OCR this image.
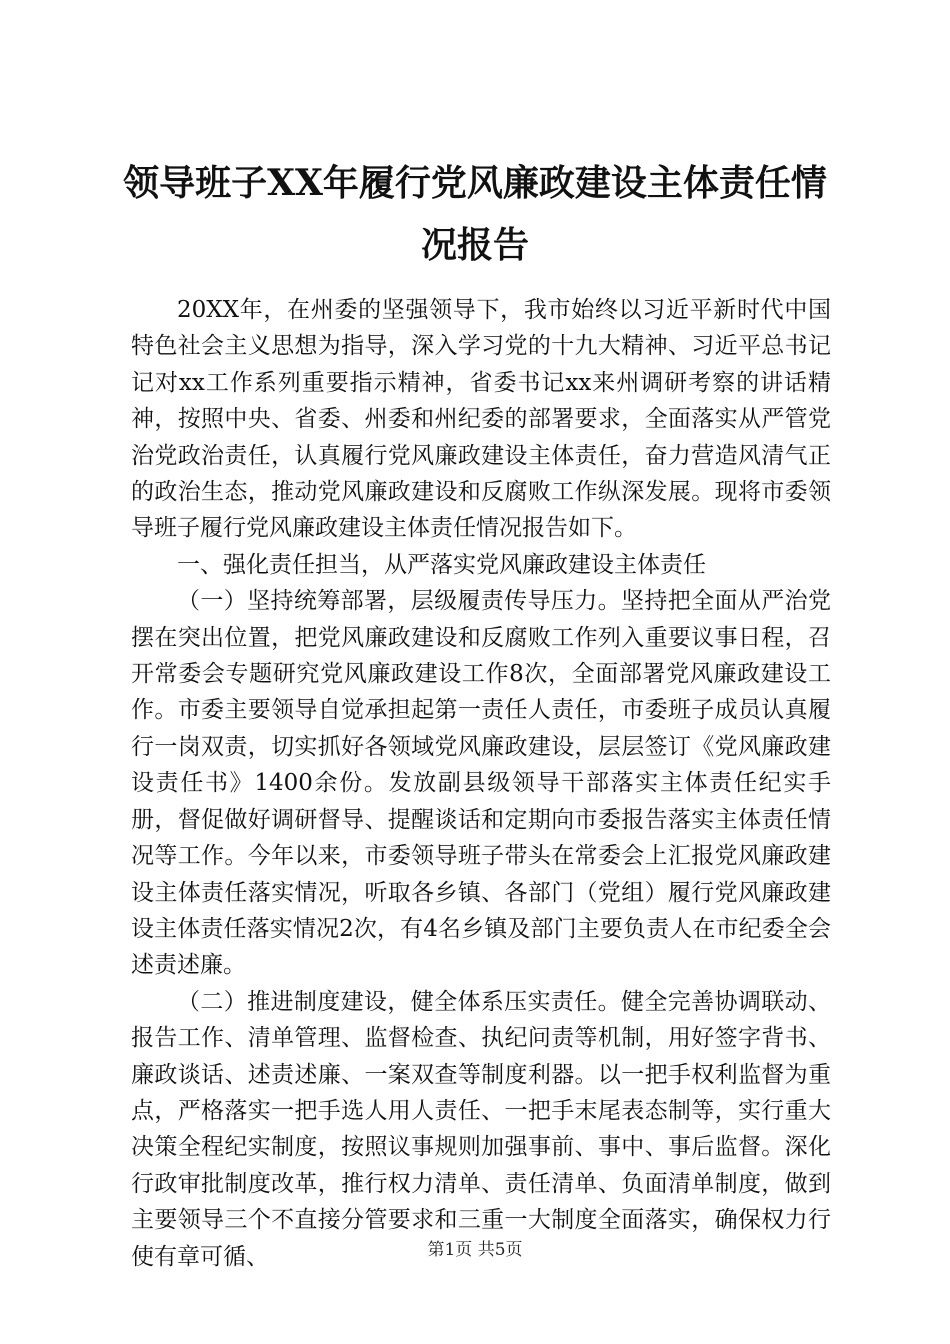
领导班子XX年履行党风廉政建设主体责任情况报告

20XX年，在州委的坚强领导下，我市始终以习近平新时代中国特色社会主义思想为指导，深入学习党的十九大精神、习近平总书记记对xx工作系列重要指示精神，省委书记xx来州调研考察的讲话精神，按照中央、省委、州委和州纪委的部署要求，全面落实从严管党治党政治责任，认真履行党风廉政建设主体责任，奋力营造风清气正的政治生态，推动党风廉政建设和反腐败工作纵深发展。现将市委领导班子履行党风廉政建设主体责任情况报告如下。

一、强化责任担当，从严落实党风廉政建设主体责任

（一）坚持统筹部署，层级履责传导压力。坚持把全面从严治党摆在突出位置，把党风廉政建设和反腐败工作列入重要议事日程，召开常委会专题研究党风廉政建设工作8次，全面部署党风廉政建设工作。市委主要领导自觉承担起第一责任人责任，市委班子成员认真履行一岗双责，切实抓好各领域党风廉政建设，层层签订《党风廉政建设责任书》1400余份。发放副县级领导干部落实主体责任纪实手册，督促做好调研督导、提醒谈话和定期向市委报告落实主体责任情况等工作。今年以来，市委领导班子带头在常委会上汇报党风廉政建设主体责任落实情况，听取各乡镇、各部门（党组）履行党风廉政建设主体责任落实情况2次，有4名乡镇及部门主要负责人在市纪委全会述责述廉。

（二）推进制度建设，健全体系压实责任。健全完善协调联动、报告工作、清单管理、监督检查、执纪问责等机制，用好签字背书、廉政谈话、述责述廉、一案双查等制度利器。以一把手权利监督为重点，严格落实一把手选人用人责任、一把手末尾表态制等，实行重大决策全程纪实制度，按照议事规则加强事前、事中、事后监督。深化行政审批制度改革，推行权力清单、责任清单、负面清单制度，做到主要领导三个不直接分管要求和三重一大制度全面落实，确保权力行使有章可循、	第1页 共5页
